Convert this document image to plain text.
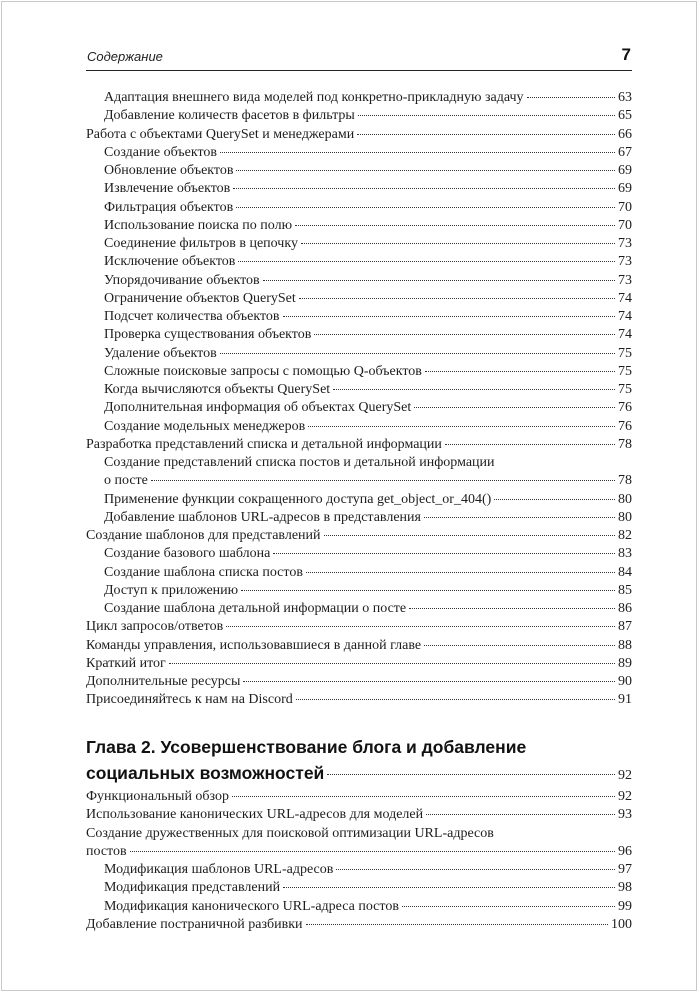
Содержание	7
Адаптация внешнего вида моделей под конкретно-прикладную задачу	63
Добавление количеств фасетов в фильтры	65
Работа с объектами QuerySet и менеджерами	66
Создание объектов	67
Обновление объектов	69
Извлечение объектов	69
Фильтрация объектов	70
Использование поиска по полю	70
Соединение фильтров в цепочку	73
Исключение объектов	73
Упорядочивание объектов	73
Ограничение объектов QuerySet	74
Подсчет количества объектов	74
Проверка существования объектов	74
Удаление объектов	75
Сложные поисковые запросы с помощью Q-объектов	75
Когда вычисляются объекты QuerySet	75
Дополнительная информация об объектах QuerySet	76
Создание модельных менеджеров	76
Разработка представлений списка и детальной информации	78
Создание представлений списка постов и детальной информации
о посте	78
Применение функции сокращенного доступа get_object_or_404()	80
Добавление шаблонов URL-адресов в представления	80
Создание шаблонов для представлений	82
Создание базового шаблона	83
Создание шаблона списка постов	84
Доступ к приложению	85
Создание шаблона детальной информации о посте	86
Цикл запросов/ответов	87
Команды управления, использовавшиеся в данной главе	88
Краткий итог	89
Дополнительные ресурсы	90
Присоединяйтесь к нам на Discord	91
Глава 2. Усовершенствование блога и добавление
социальных возможностей	92
Функциональный обзор	92
Использование канонических URL-адресов для моделей	93
Создание дружественных для поисковой оптимизации URL-адресов
постов	96
Модификация шаблонов URL-адресов	97
Модификация представлений	98
Модификация канонического URL-адреса постов	99
Добавление постраничной разбивки	100
